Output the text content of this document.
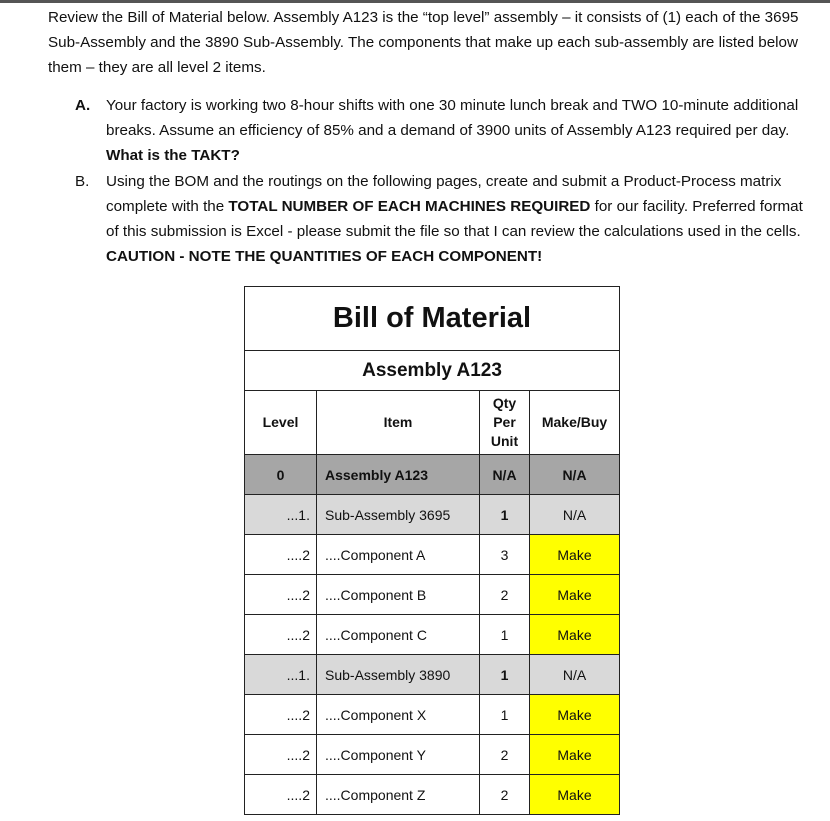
Review the Bill of Material below. Assembly A123 is the “top level” assembly – it consists of (1) each of the 3695 Sub-Assembly and the 3890 Sub-Assembly. The components that make up each sub-assembly are listed below them – they are all level 2 items.

A. Your factory is working two 8-hour shifts with one 30 minute lunch break and TWO 10-minute additional breaks. Assume an efficiency of 85% and a demand of 3900 units of Assembly A123 required per day. What is the TAKT?
B. Using the BOM and the routings on the following pages, create and submit a Product-Process matrix complete with the TOTAL NUMBER OF EACH MACHINES REQUIRED for our facility. Preferred format of this submission is Excel - please submit the file so that I can review the calculations used in the cells. CAUTION - NOTE THE QUANTITIES OF EACH COMPONENT!
Bill of Material			
Assembly A123			
Level	Item	Qty
Per
Unit	Make/Buy
0	Assembly A123	N/A	N/A
...1.	Sub-Assembly 3695	1	N/A
....2	....Component A	3	Make
....2	....Component B	2	Make
....2	....Component C	1	Make
...1.	Sub-Assembly 3890	1	N/A
....2	....Component X	1	Make
....2	....Component Y	2	Make
....2	....Component Z	2	Make
